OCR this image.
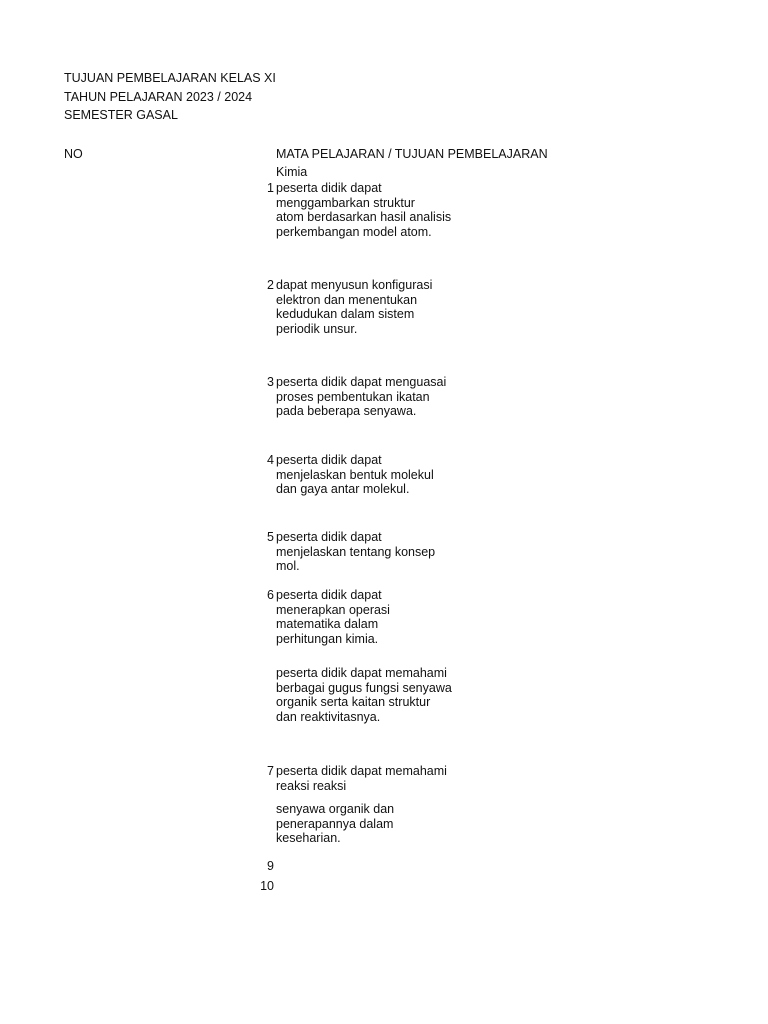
TUJUAN PEMBELAJARAN KELAS XI
TAHUN PELAJARAN 2023 / 2024
SEMESTER GASAL
NO	MATA PELAJARAN / TUJUAN PEMBELAJARAN
Kimia
1 peserta didik dapat
menggambarkan struktur
atom berdasarkan hasil analisis
perkembangan model atom.
2 dapat menyusun konfigurasi
elektron dan menentukan
kedudukan dalam sistem
periodik unsur.
3 peserta didik dapat menguasai
proses pembentukan ikatan
pada beberapa senyawa.
4 peserta didik dapat
menjelaskan bentuk molekul
dan gaya antar molekul.
5 peserta didik dapat
menjelaskan tentang konsep
mol.
6 peserta didik dapat
menerapkan operasi
matematika dalam
perhitungan kimia.
peserta didik dapat memahami
berbagai gugus fungsi senyawa
organik serta kaitan struktur
dan reaktivitasnya.
7 peserta didik dapat memahami
reaksi reaksi
senyawa organik dan
penerapannya dalam
keseharian.
9
10
